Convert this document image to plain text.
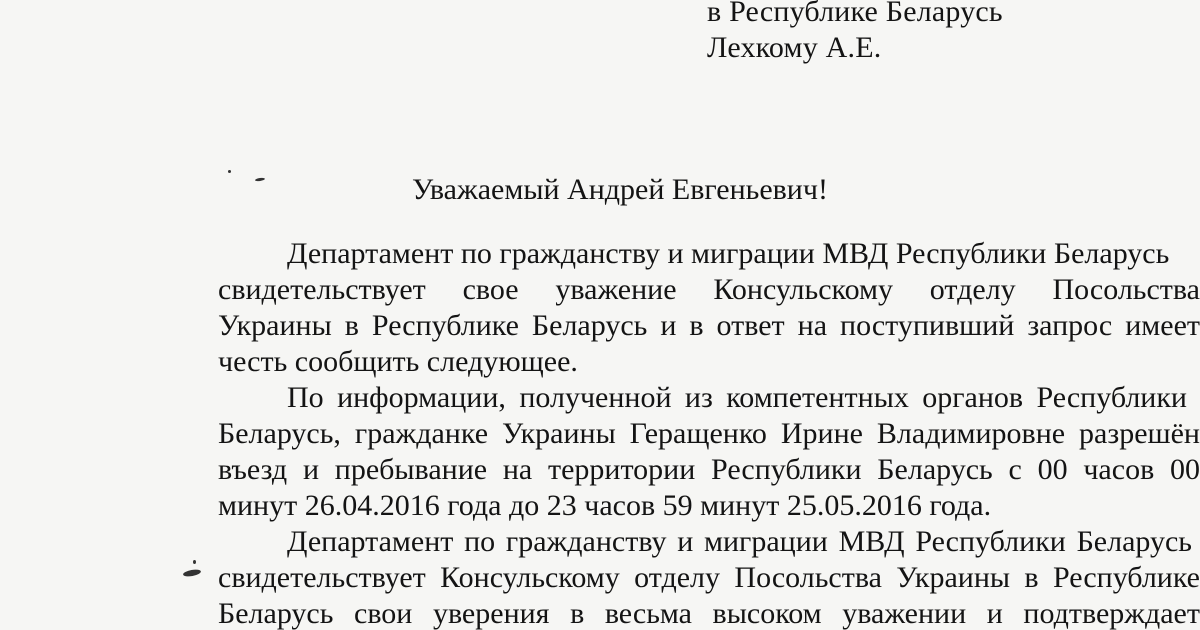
в Республике Беларусь
Лехкому А.Е.
Уважаемый Андрей Евгеньевич!
Департамент по гражданству и миграции МВД Республики Беларусь
свидетельствует свое уважение Консульскому отделу Посольства
Украины в Республике Беларусь и в ответ на поступивший запрос имеет
честь сообщить следующее.
По информации, полученной из компетентных органов Республики
Беларусь, гражданке Украины Геращенко Ирине Владимировне разрешён
въезд и пребывание на территории Республики Беларусь с 00 часов 00
минут 26.04.2016 года до 23 часов 59 минут 25.05.2016 года.
Департамент по гражданству и миграции МВД Республики Беларусь
свидетельствует Консульскому отделу Посольства Украины в Республике
Беларусь свои уверения в весьма высоком уважении и подтверждает
